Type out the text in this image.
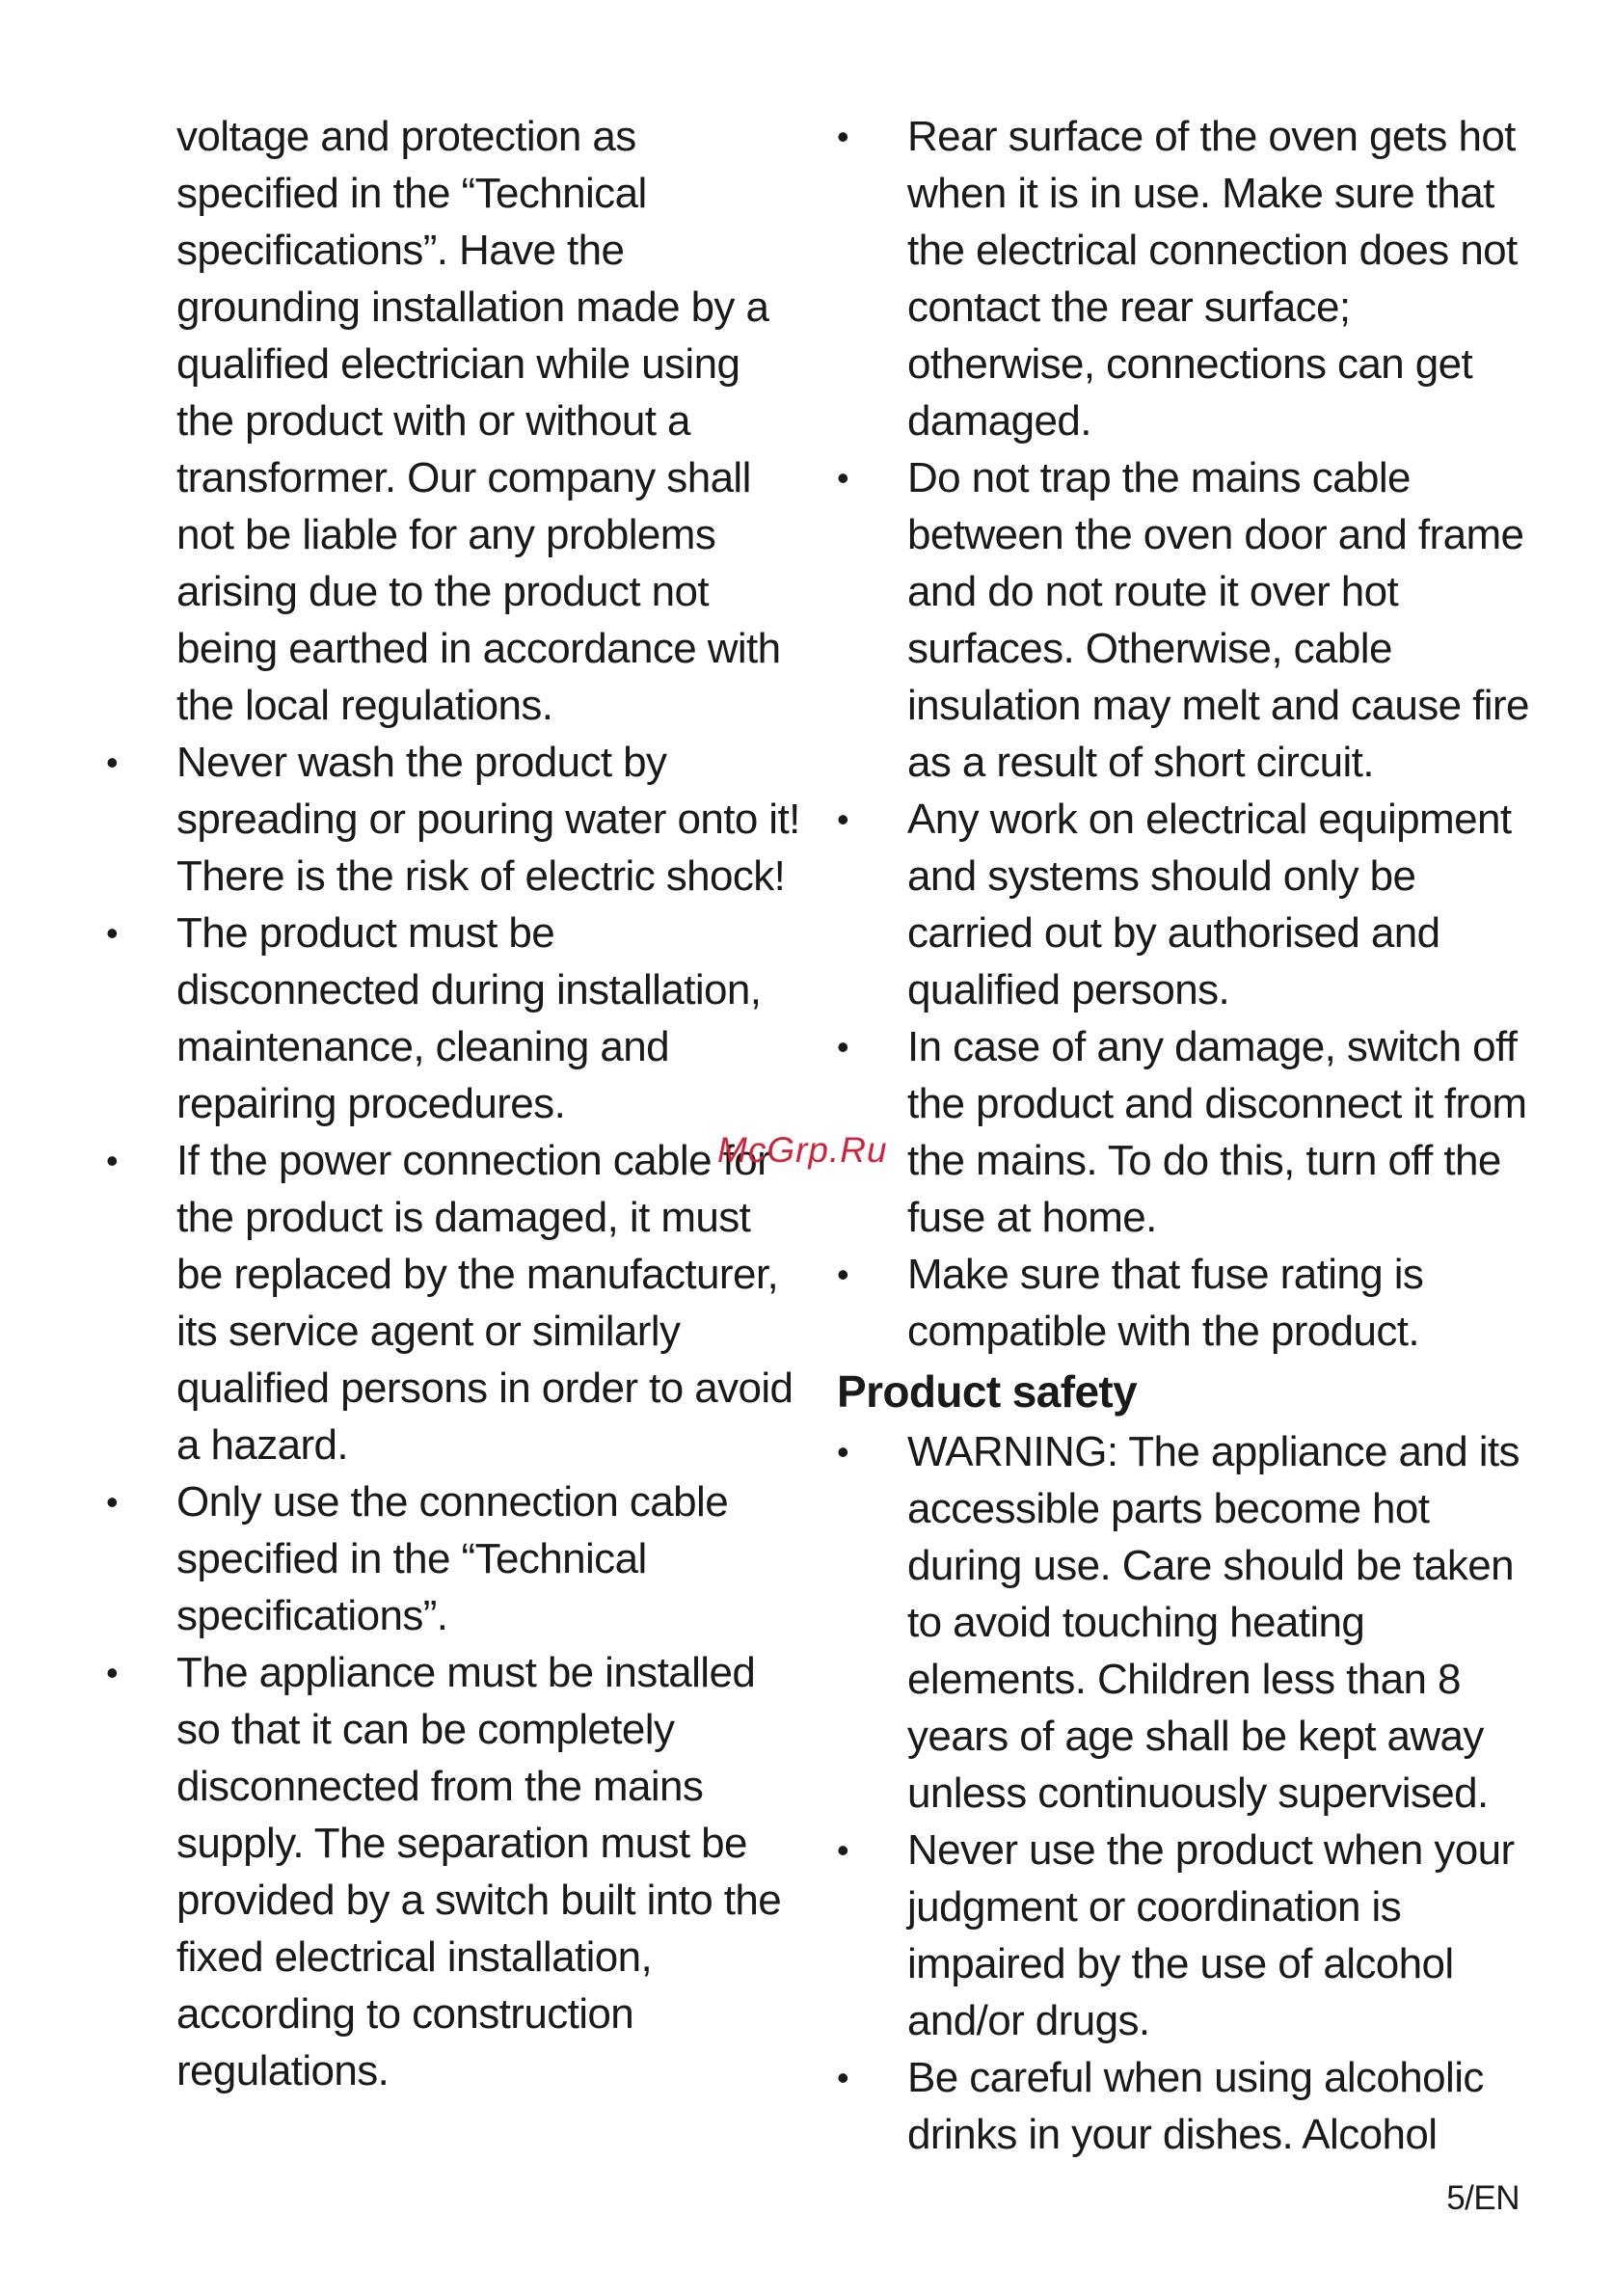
voltage and protection as specified in the “Technical specifications”. Have the grounding installation made by a qualified electrician while using the product with or without a transformer. Our company shall not be liable for any problems arising due to the product not being earthed in accordance with the local regulations.

•	Never wash the product by spreading or pouring water onto it! There is the risk of electric shock!

•	The product must be disconnected during installation, maintenance, cleaning and repairing procedures.

•	If the power connection cable for the product is damaged, it must be replaced by the manufacturer, its service agent or similarly qualified persons in order to avoid a hazard.

•	Only use the connection cable specified in the “Technical specifications”.

•	The appliance must be installed so that it can be completely disconnected from the mains supply. The separation must be provided by a switch built into the fixed electrical installation, according to construction regulations.

•	Rear surface of the oven gets hot when it is in use. Make sure that the electrical connection does not contact the rear surface; otherwise, connections can get damaged.

•	Do not trap the mains cable between the oven door and frame and do not route it over hot surfaces. Otherwise, cable insulation may melt and cause fire as a result of short circuit.

•	Any work on electrical equipment and systems should only be carried out by authorised and qualified persons.

•	In case of any damage, switch off the product and disconnect it from the mains. To do this, turn off the fuse at home.

•	Make sure that fuse rating is compatible with the product.

Product safety

•	WARNING: The appliance and its accessible parts become hot during use. Care should be taken to avoid touching heating elements. Children less than 8 years of age shall be kept away unless continuously supervised.

•	Never use the product when your judgment or coordination is impaired by the use of alcohol and/or drugs.

•	Be careful when using alcoholic drinks in your dishes. Alcohol

McGrp.Ru
5/EN
